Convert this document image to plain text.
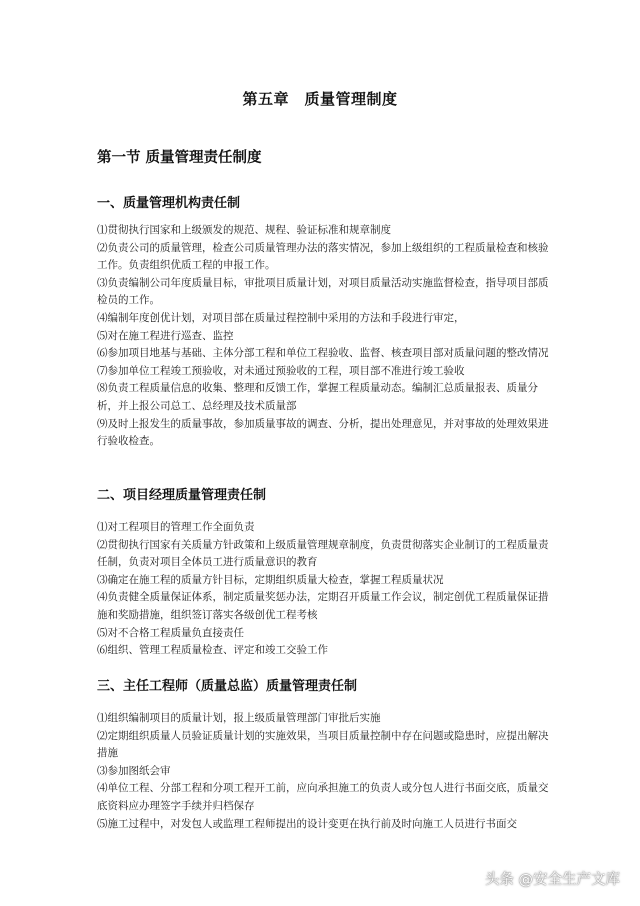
第五章　质量管理制度
第一节 质量管理责任制度
一、质量管理机构责任制
⑴贯彻执行国家和上级颁发的规范、规程、验证标准和规章制度
⑵负责公司的质量管理，检查公司质量管理办法的落实情况，参加上级组织的工程质量检查和核验工作。负责组织优质工程的申报工作。
⑶负责编制公司年度质量目标，审批项目质量计划，对项目质量活动实施监督检查，指导项目部质检员的工作。
⑷编制年度创优计划，对项目部在质量过程控制中采用的方法和手段进行审定，
⑸对在施工程进行巡查、监控
⑹参加项目地基与基础、主体分部工程和单位工程验收、监督、核查项目部对质量问题的整改情况
⑺参加单位工程竣工预验收，对未通过预验收的工程，项目部不准进行竣工验收
⑻负责工程质量信息的收集、整理和反馈工作，掌握工程质量动态。编制汇总质量报表、质量分析，并上报公司总工、总经理及技术质量部
⑼及时上报发生的质量事故，参加质量事故的调查、分析，提出处理意见，并对事故的处理效果进行验收检查。
二、项目经理质量管理责任制
⑴对工程项目的管理工作全面负责
⑵贯彻执行国家有关质量方针政策和上级质量管理规章制度，负责贯彻落实企业制订的工程质量责任制，负责对项目全体员工进行质量意识的教育
⑶确定在施工程的质量方针目标，定期组织质量大检查，掌握工程质量状况
⑷负责健全质量保证体系，制定质量奖惩办法，定期召开质量工作会议，制定创优工程质量保证措施和奖励措施，组织签订落实各级创优工程考核
⑸对不合格工程质量负直接责任
⑹组织、管理工程质量检查、评定和竣工交验工作
三、主任工程师（质量总监）质量管理责任制
⑴组织编制项目的质量计划，报上级质量管理部门审批后实施
⑵定期组织质量人员验证质量计划的实施效果，当项目质量控制中存在问题或隐患时，应提出解决措施
⑶参加图纸会审
⑷单位工程、分部工程和分项工程开工前，应向承担施工的负责人或分包人进行书面交底，质量交底资料应办理签字手续并归档保存
⑸施工过程中，对发包人或监理工程师提出的设计变更在执行前及时向施工人员进行书面交
头条 @安全生产文库
